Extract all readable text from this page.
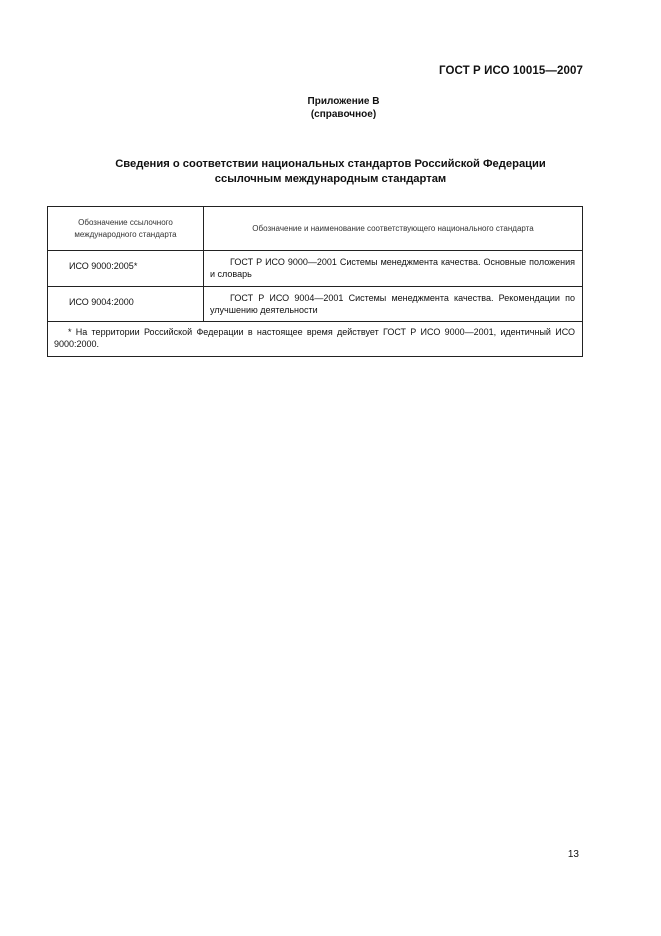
ГОСТ Р ИСО 10015—2007
Приложение В
(справочное)
Сведения о соответствии национальных стандартов Российской Федерации
ссылочным международным стандартам
Обозначение ссылочного международного стандарта
Обозначение и наименование соответствующего национального стандарта
ИСО 9000:2005*	ГОСТ Р ИСО 9000—2001 Системы менеджмента качества. Основные положения и словарь
ИСО 9004:2000	ГОСТ Р ИСО 9004—2001 Системы менеджмента качества. Рекомендации по улучшению деятельности
* На территории Российской Федерации в настоящее время действует ГОСТ Р ИСО 9000—2001, идентичный ИСО 9000:2000.
13
